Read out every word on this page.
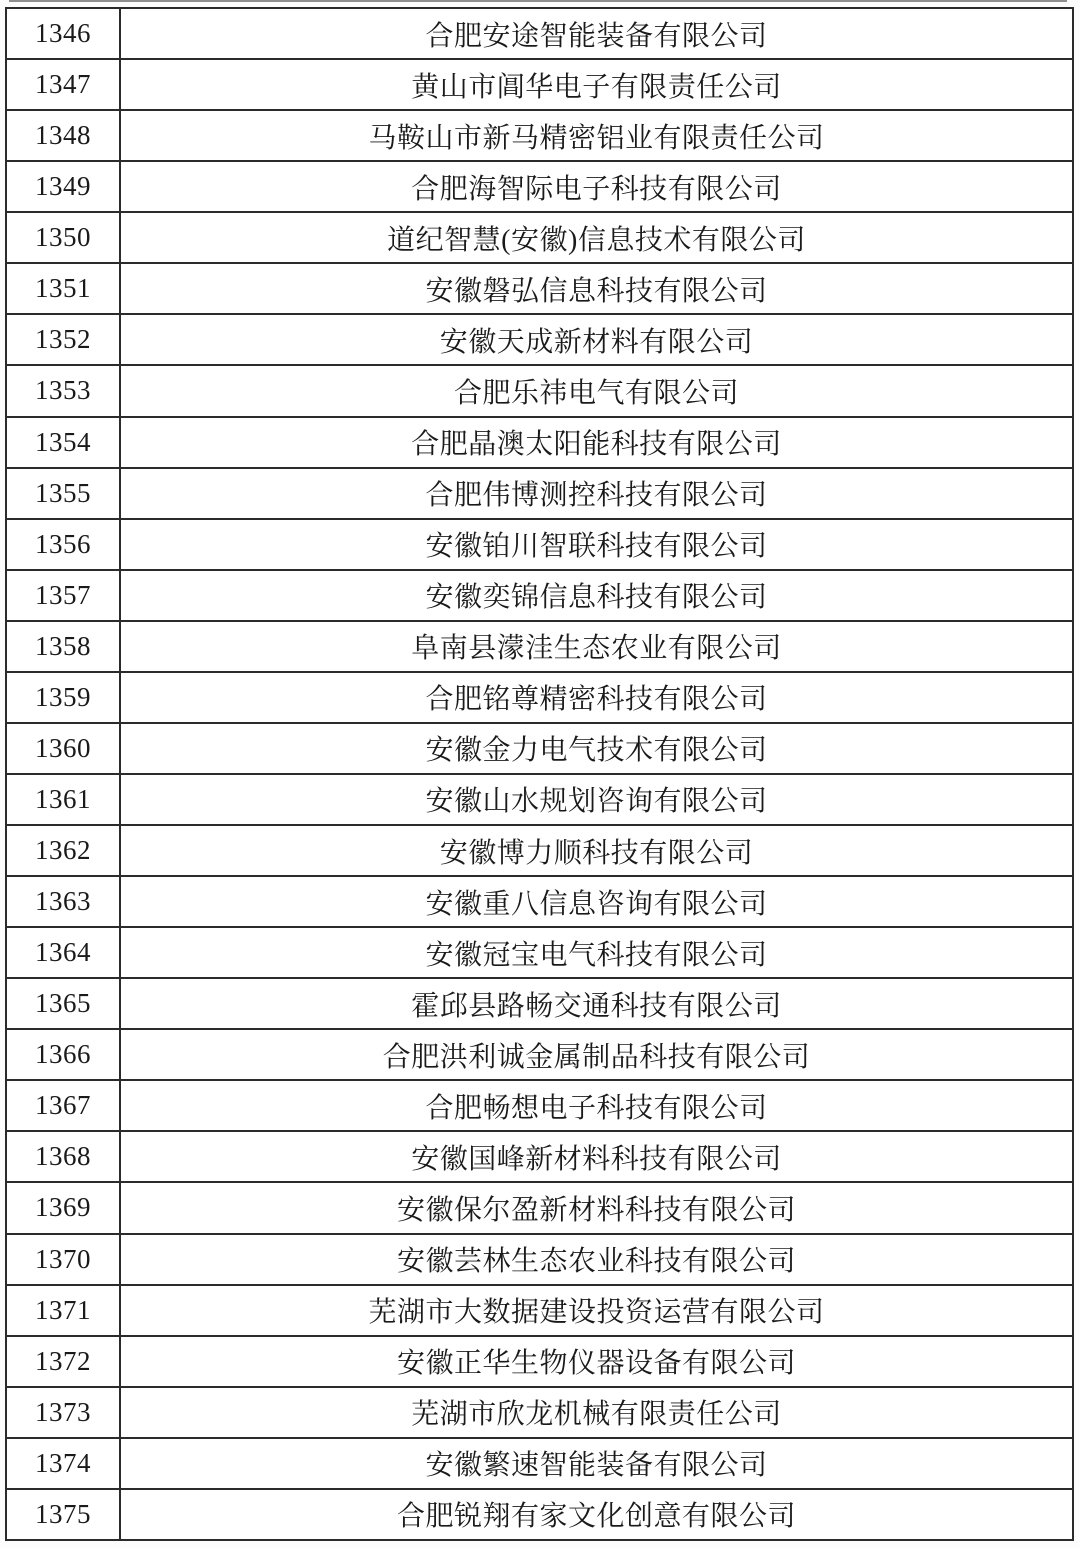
1346	合肥安途智能装备有限公司
1347	黄山市阊华电子有限责任公司
1348	马鞍山市新马精密铝业有限责任公司
1349	合肥海智际电子科技有限公司
1350	道纪智慧(安徽)信息技术有限公司
1351	安徽磐弘信息科技有限公司
1352	安徽天成新材料有限公司
1353	合肥乐祎电气有限公司
1354	合肥晶澳太阳能科技有限公司
1355	合肥伟博测控科技有限公司
1356	安徽铂川智联科技有限公司
1357	安徽奕锦信息科技有限公司
1358	阜南县濛洼生态农业有限公司
1359	合肥铭尊精密科技有限公司
1360	安徽金力电气技术有限公司
1361	安徽山水规划咨询有限公司
1362	安徽博力顺科技有限公司
1363	安徽重八信息咨询有限公司
1364	安徽冠宝电气科技有限公司
1365	霍邱县路畅交通科技有限公司
1366	合肥洪利诚金属制品科技有限公司
1367	合肥畅想电子科技有限公司
1368	安徽国峰新材料科技有限公司
1369	安徽保尔盈新材料科技有限公司
1370	安徽芸林生态农业科技有限公司
1371	芜湖市大数据建设投资运营有限公司
1372	安徽正华生物仪器设备有限公司
1373	芜湖市欣龙机械有限责任公司
1374	安徽繁速智能装备有限公司
1375	合肥锐翔有家文化创意有限公司
